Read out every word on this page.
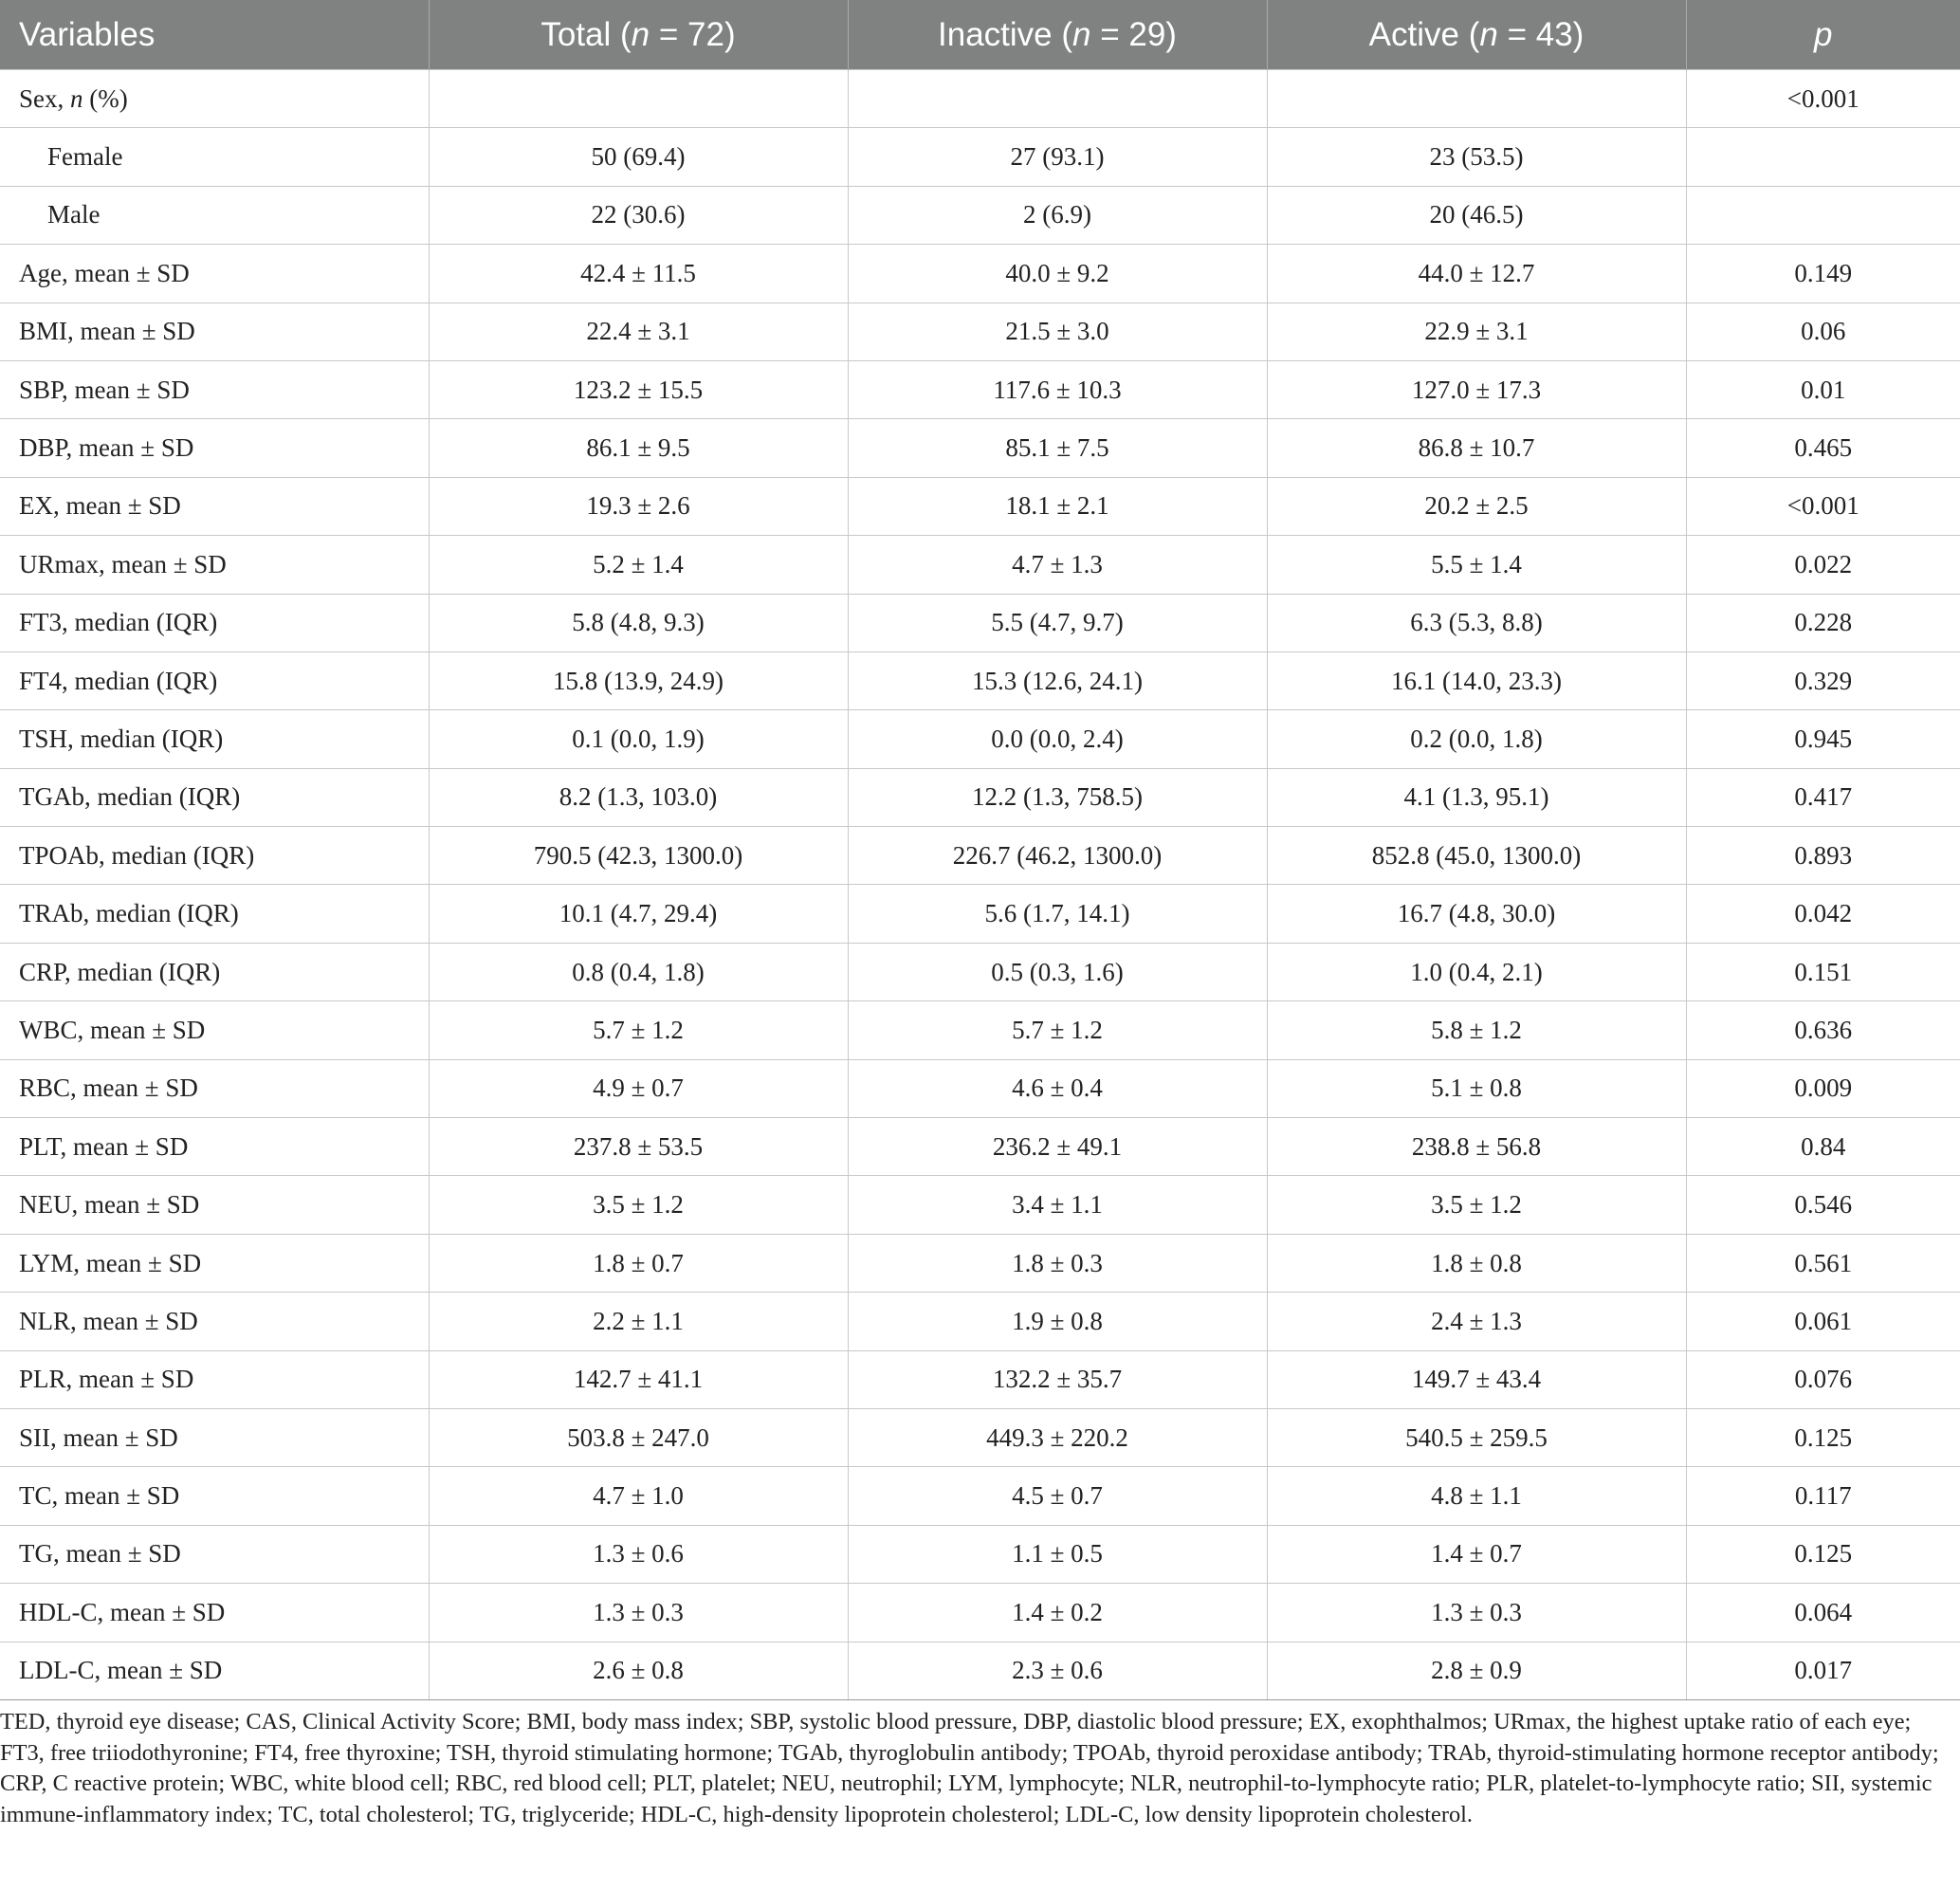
Variables	Total (n = 72)	Inactive (n = 29)	Active (n = 43)	p
Sex, n (%)				<0.001
Female	50 (69.4)	27 (93.1)	23 (53.5)	
Male	22 (30.6)	2 (6.9)	20 (46.5)	
Age, mean ± SD	42.4 ± 11.5	40.0 ± 9.2	44.0 ± 12.7	0.149
BMI, mean ± SD	22.4 ± 3.1	21.5 ± 3.0	22.9 ± 3.1	0.06
SBP, mean ± SD	123.2 ± 15.5	117.6 ± 10.3	127.0 ± 17.3	0.01
DBP, mean ± SD	86.1 ± 9.5	85.1 ± 7.5	86.8 ± 10.7	0.465
EX, mean ± SD	19.3 ± 2.6	18.1 ± 2.1	20.2 ± 2.5	<0.001
URmax, mean ± SD	5.2 ± 1.4	4.7 ± 1.3	5.5 ± 1.4	0.022
FT3, median (IQR)	5.8 (4.8, 9.3)	5.5 (4.7, 9.7)	6.3 (5.3, 8.8)	0.228
FT4, median (IQR)	15.8 (13.9, 24.9)	15.3 (12.6, 24.1)	16.1 (14.0, 23.3)	0.329
TSH, median (IQR)	0.1 (0.0, 1.9)	0.0 (0.0, 2.4)	0.2 (0.0, 1.8)	0.945
TGAb, median (IQR)	8.2 (1.3, 103.0)	12.2 (1.3, 758.5)	4.1 (1.3, 95.1)	0.417
TPOAb, median (IQR)	790.5 (42.3, 1300.0)	226.7 (46.2, 1300.0)	852.8 (45.0, 1300.0)	0.893
TRAb, median (IQR)	10.1 (4.7, 29.4)	5.6 (1.7, 14.1)	16.7 (4.8, 30.0)	0.042
CRP, median (IQR)	0.8 (0.4, 1.8)	0.5 (0.3, 1.6)	1.0 (0.4, 2.1)	0.151
WBC, mean ± SD	5.7 ± 1.2	5.7 ± 1.2	5.8 ± 1.2	0.636
RBC, mean ± SD	4.9 ± 0.7	4.6 ± 0.4	5.1 ± 0.8	0.009
PLT, mean ± SD	237.8 ± 53.5	236.2 ± 49.1	238.8 ± 56.8	0.84
NEU, mean ± SD	3.5 ± 1.2	3.4 ± 1.1	3.5 ± 1.2	0.546
LYM, mean ± SD	1.8 ± 0.7	1.8 ± 0.3	1.8 ± 0.8	0.561
NLR, mean ± SD	2.2 ± 1.1	1.9 ± 0.8	2.4 ± 1.3	0.061
PLR, mean ± SD	142.7 ± 41.1	132.2 ± 35.7	149.7 ± 43.4	0.076
SII, mean ± SD	503.8 ± 247.0	449.3 ± 220.2	540.5 ± 259.5	0.125
TC, mean ± SD	4.7 ± 1.0	4.5 ± 0.7	4.8 ± 1.1	0.117
TG, mean ± SD	1.3 ± 0.6	1.1 ± 0.5	1.4 ± 0.7	0.125
HDL-C, mean ± SD	1.3 ± 0.3	1.4 ± 0.2	1.3 ± 0.3	0.064
LDL-C, mean ± SD	2.6 ± 0.8	2.3 ± 0.6	2.8 ± 0.9	0.017
TED, thyroid eye disease; CAS, Clinical Activity Score; BMI, body mass index; SBP, systolic blood pressure, DBP, diastolic blood pressure; EX, exophthalmos; URmax, the highest uptake ratio of each eye; FT3, free triiodothyronine; FT4, free thyroxine; TSH, thyroid stimulating hormone; TGAb, thyroglobulin antibody; TPOAb, thyroid peroxidase antibody; TRAb, thyroid-stimulating hormone receptor antibody; CRP, C reactive protein; WBC, white blood cell; RBC, red blood cell; PLT, platelet; NEU, neutrophil; LYM, lymphocyte; NLR, neutrophil-to-lymphocyte ratio; PLR, platelet-to-lymphocyte ratio; SII, systemic immune-inflammatory index; TC, total cholesterol; TG, triglyceride; HDL-C, high-density lipoprotein cholesterol; LDL-C, low density lipoprotein cholesterol.
